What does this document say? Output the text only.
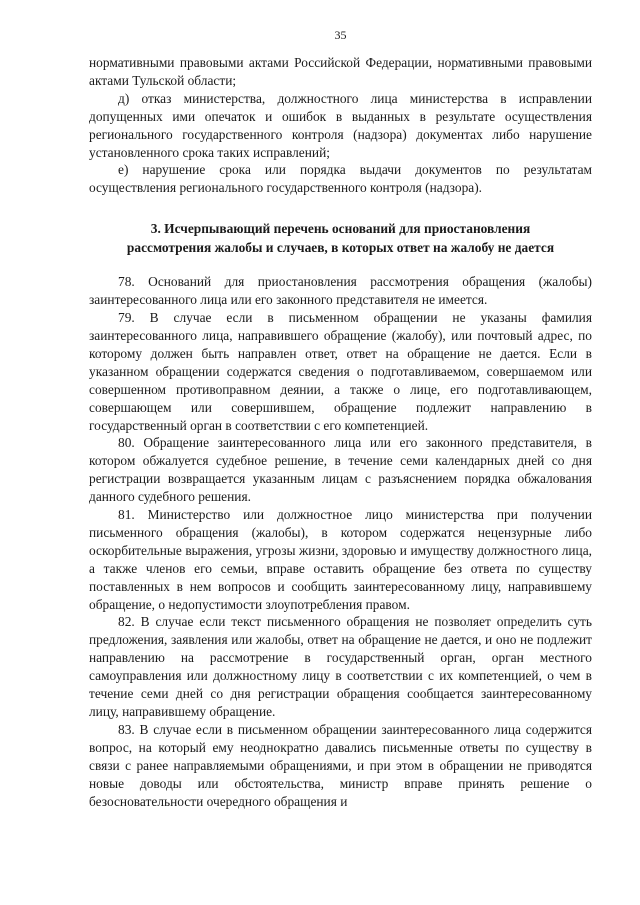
35

нормативными правовыми актами Российской Федерации, нормативными правовыми актами Тульской области;

д) отказ министерства, должностного лица министерства в исправлении допущенных ими опечаток и ошибок в выданных в результате осуществления регионального государственного контроля (надзора) документах либо нарушение установленного срока таких исправлений;

е) нарушение срока или порядка выдачи документов по результатам осуществления регионального государственного контроля (надзора).

3. Исчерпывающий перечень оснований для приостановления
рассмотрения жалобы и случаев, в которых ответ на жалобу не дается

78. Оснований для приостановления рассмотрения обращения (жалобы) заинтересованного лица или его законного представителя не имеется.

79. В случае если в письменном обращении не указаны фамилия заинтересованного лица, направившего обращение (жалобу), или почтовый адрес, по которому должен быть направлен ответ, ответ на обращение не дается. Если в указанном обращении содержатся сведения о подготавливаемом, совершаемом или совершенном противоправном деянии, а также о лице, его подготавливающем, совершающем или совершившем, обращение подлежит направлению в государственный орган в соответствии с его компетенцией.

80. Обращение заинтересованного лица или его законного представителя, в котором обжалуется судебное решение, в течение семи календарных дней со дня регистрации возвращается указанным лицам с разъяснением порядка обжалования данного судебного решения.

81. Министерство или должностное лицо министерства при получении письменного обращения (жалобы), в котором содержатся нецензурные либо оскорбительные выражения, угрозы жизни, здоровью и имуществу должностного лица, а также членов его семьи, вправе оставить обращение без ответа по существу поставленных в нем вопросов и сообщить заинтересованному лицу, направившему обращение, о недопустимости злоупотребления правом.

82. В случае если текст письменного обращения не позволяет определить суть предложения, заявления или жалобы, ответ на обращение не дается, и оно не подлежит направлению на рассмотрение в государственный орган, орган местного самоуправления или должностному лицу в соответствии с их компетенцией, о чем в течение семи дней со дня регистрации обращения сообщается заинтересованному лицу, направившему обращение.

83. В случае если в письменном обращении заинтересованного лица содержится вопрос, на который ему неоднократно давались письменные ответы по существу в связи с ранее направляемыми обращениями, и при этом в обращении не приводятся новые доводы или обстоятельства, министр вправе принять решение о безосновательности очередного обращения и
